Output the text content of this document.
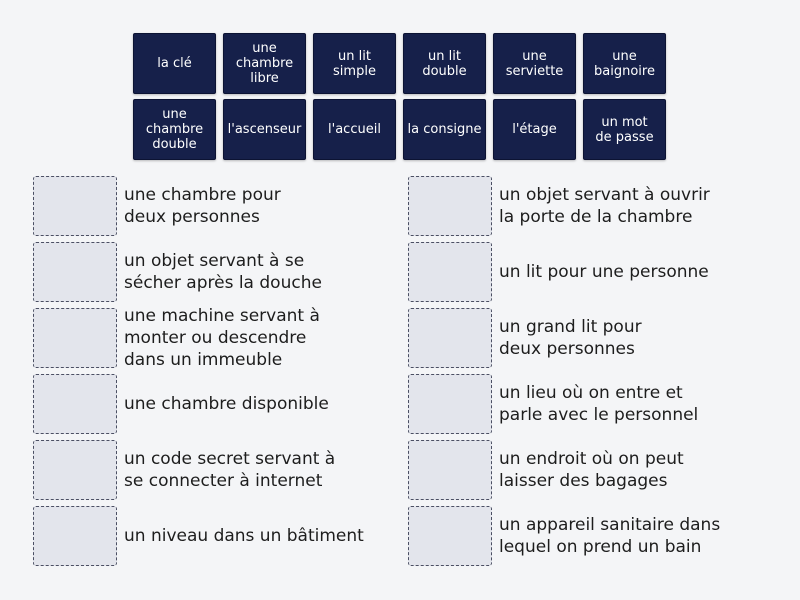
la clé
une
chambre
libre
un lit
simple
un lit
double
une
serviette
une
baignoire
une
chambre
double
l'ascenseur l'accueil la consigne l'étage	un mot
de passe
une chambre pour
deux personnes
un objet servant à se
sécher après la douche
une machine servant à
monter ou descendre
dans un immeuble
une chambre disponible
un code secret servant à
se connecter à internet
un niveau dans un bâtiment
un objet servant à ouvrir
la porte de la chambre
un lit pour une personne
un grand lit pour
deux personnes
un lieu où on entre et
parle avec le personnel
un endroit où on peut
laisser des bagages
un appareil sanitaire dans
lequel on prend un bain
